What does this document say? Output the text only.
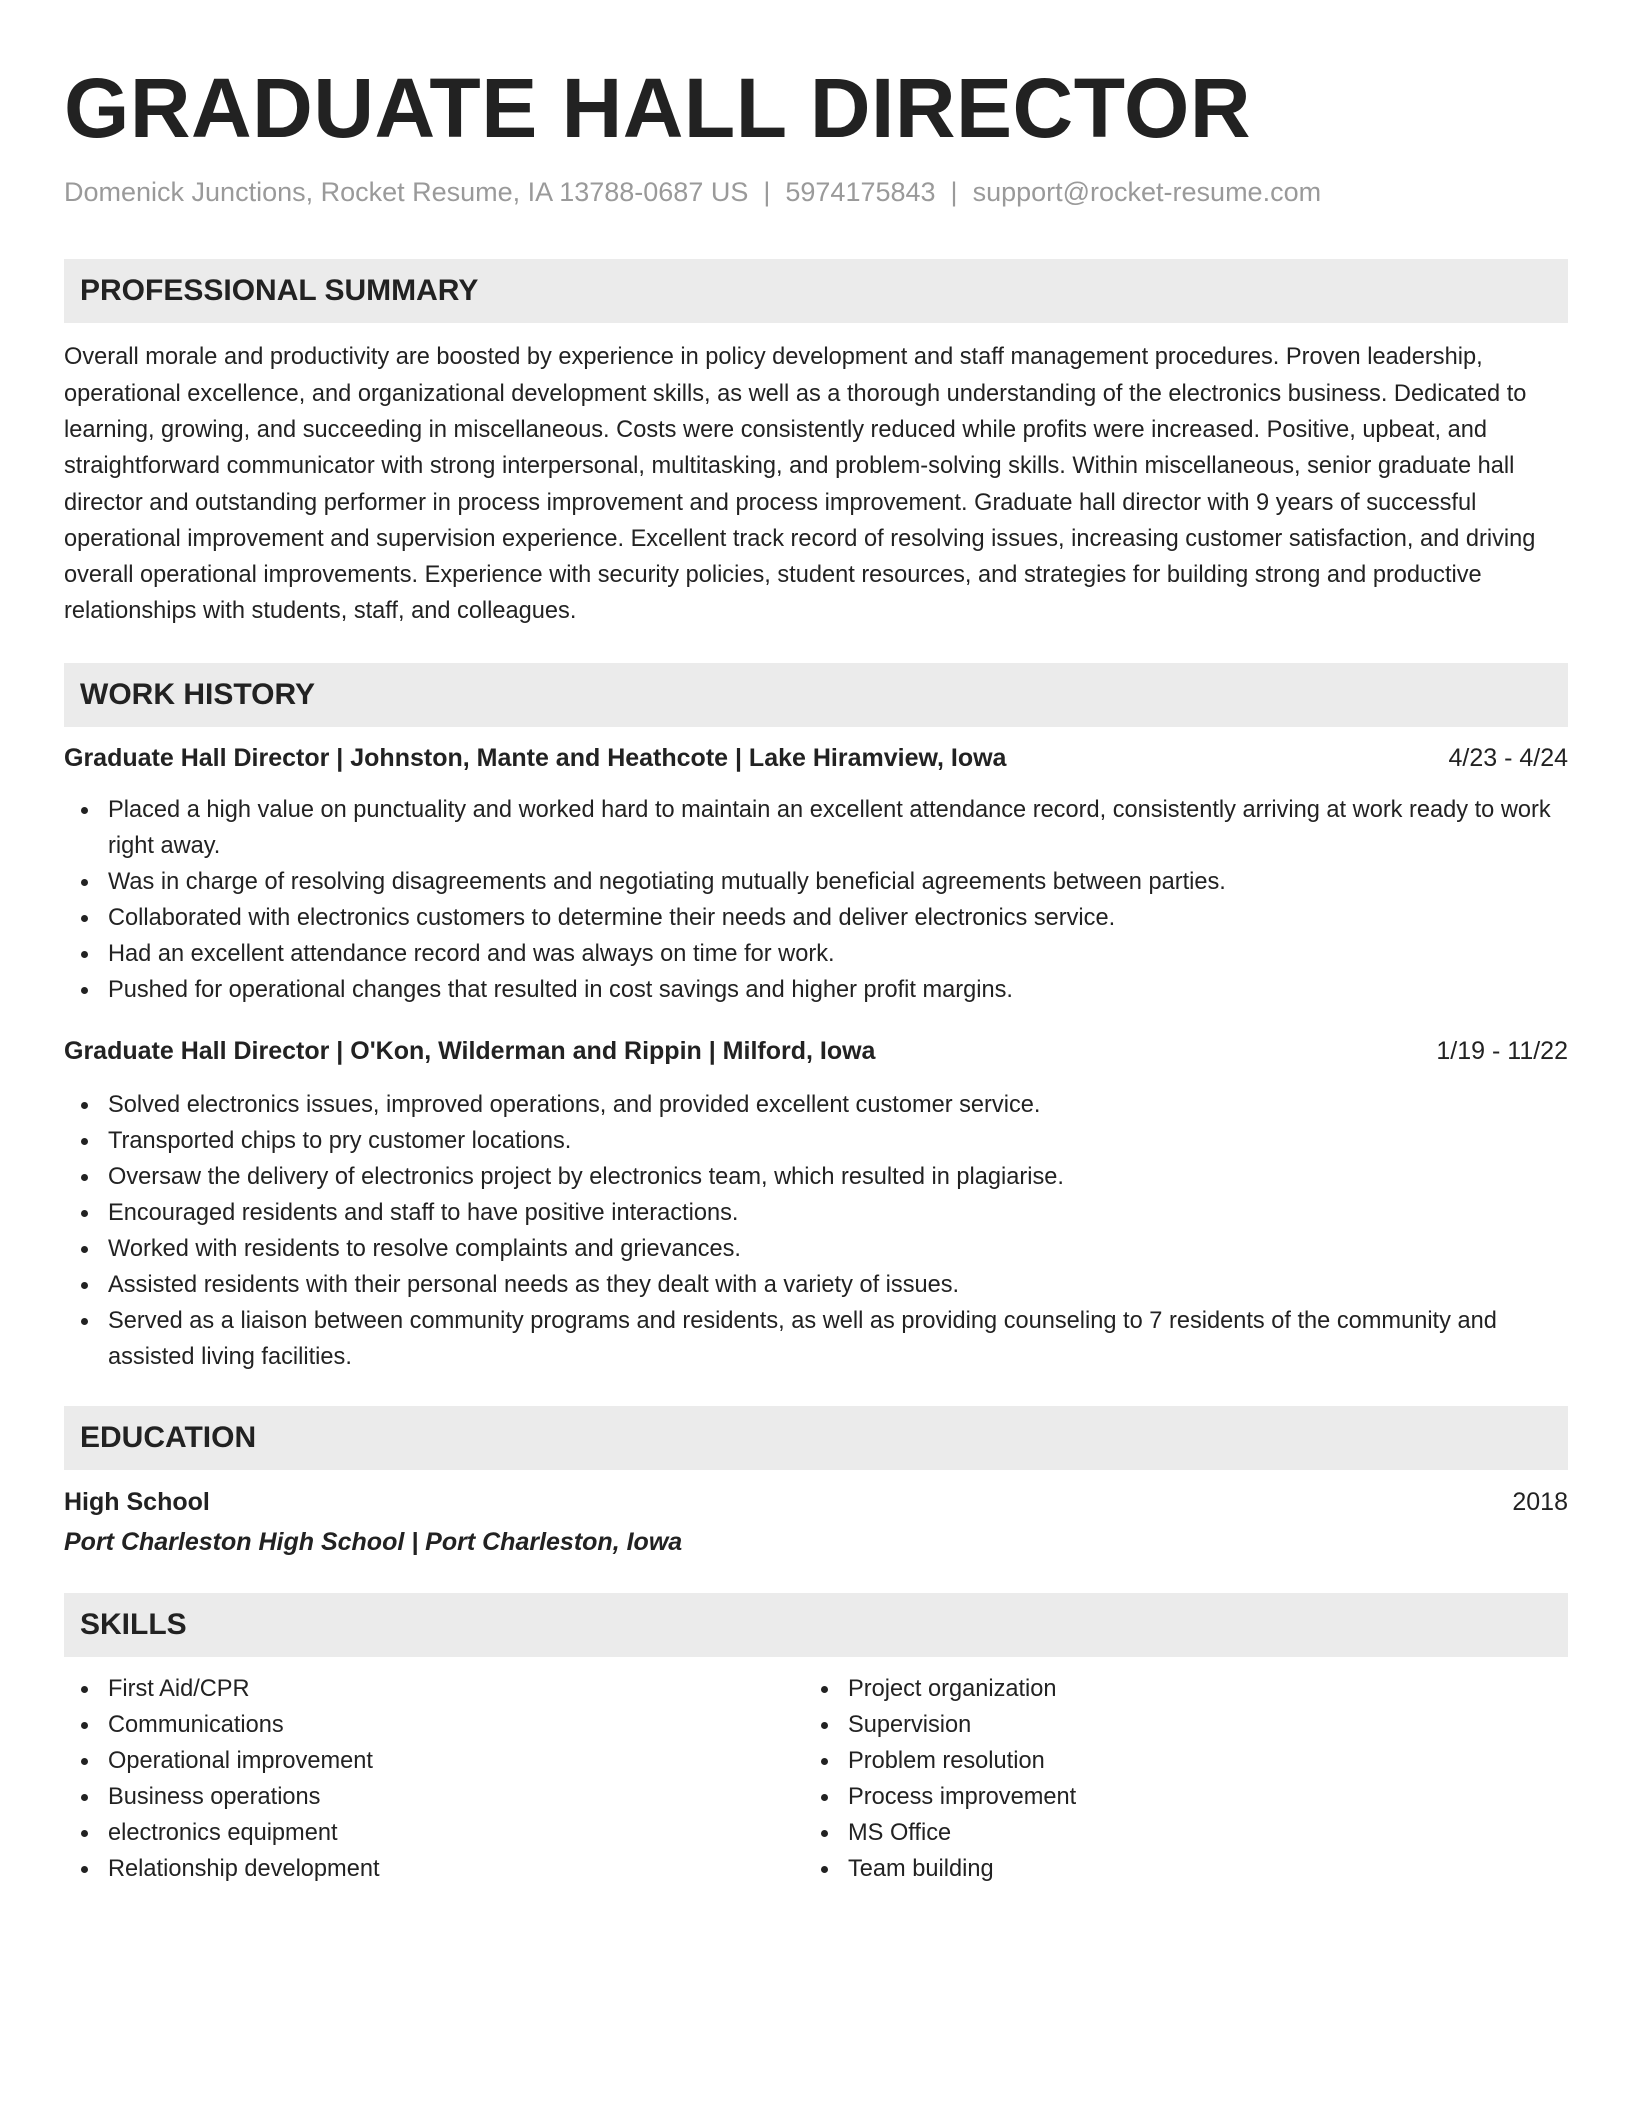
GRADUATE HALL DIRECTOR
Domenick Junctions, Rocket Resume, IA 13788-0687 US | 5974175843 | support@rocket-resume.com
PROFESSIONAL SUMMARY
Overall morale and productivity are boosted by experience in policy development and staff management procedures. Proven leadership, operational excellence, and organizational development skills, as well as a thorough understanding of the electronics business. Dedicated to learning, growing, and succeeding in miscellaneous. Costs were consistently reduced while profits were increased. Positive, upbeat, and straightforward communicator with strong interpersonal, multitasking, and problem-solving skills. Within miscellaneous, senior graduate hall director and outstanding performer in process improvement and process improvement. Graduate hall director with 9 years of successful operational improvement and supervision experience. Excellent track record of resolving issues, increasing customer satisfaction, and driving overall operational improvements. Experience with security policies, student resources, and strategies for building strong and productive relationships with students, staff, and colleagues.
WORK HISTORY
Graduate Hall Director | Johnston, Mante and Heathcote | Lake Hiramview, Iowa	4/23 - 4/24
Placed a high value on punctuality and worked hard to maintain an excellent attendance record, consistently arriving at work ready to work right away.
Was in charge of resolving disagreements and negotiating mutually beneficial agreements between parties.
Collaborated with electronics customers to determine their needs and deliver electronics service.
Had an excellent attendance record and was always on time for work.
Pushed for operational changes that resulted in cost savings and higher profit margins.
Graduate Hall Director | O'Kon, Wilderman and Rippin | Milford, Iowa	1/19 - 11/22
Solved electronics issues, improved operations, and provided excellent customer service.
Transported chips to pry customer locations.
Oversaw the delivery of electronics project by electronics team, which resulted in plagiarise.
Encouraged residents and staff to have positive interactions.
Worked with residents to resolve complaints and grievances.
Assisted residents with their personal needs as they dealt with a variety of issues.
Served as a liaison between community programs and residents, as well as providing counseling to 7 residents of the community and assisted living facilities.
EDUCATION
High School	2018
Port Charleston High School | Port Charleston, Iowa
SKILLS
First Aid/CPR
Communications
Operational improvement
Business operations
electronics equipment
Relationship development
Project organization
Supervision
Problem resolution
Process improvement
MS Office
Team building
